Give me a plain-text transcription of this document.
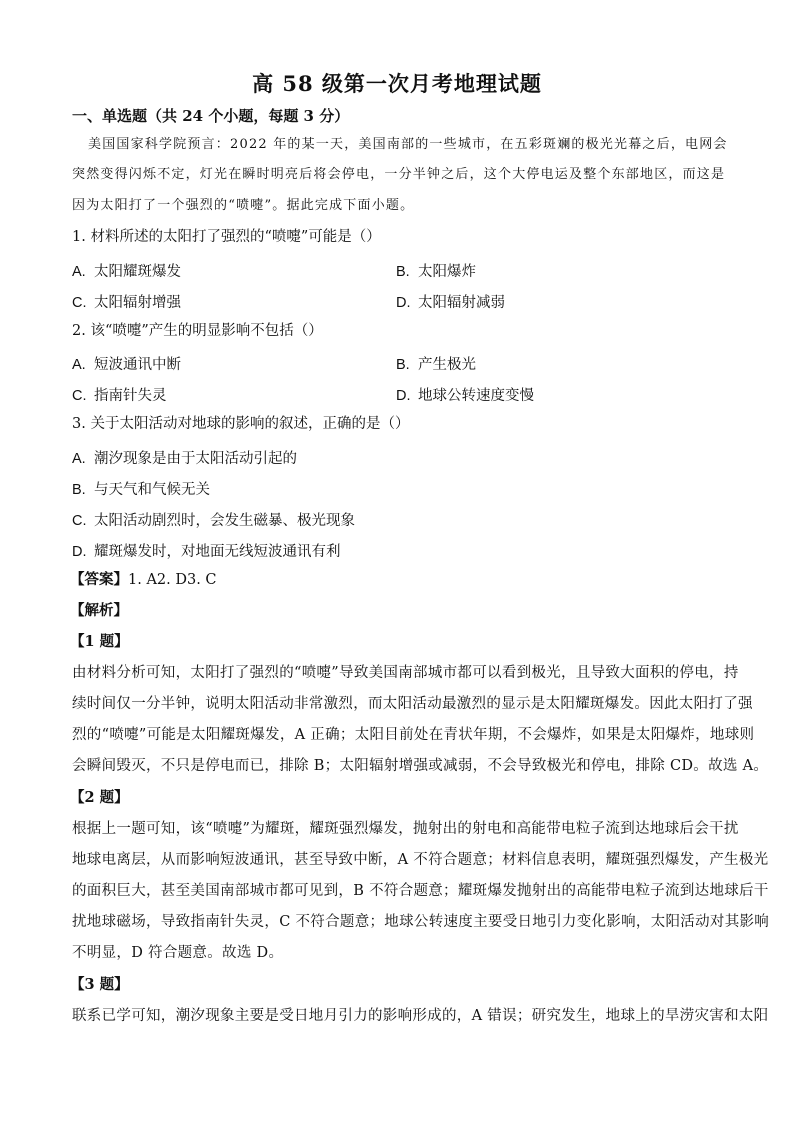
高 58 级第一次月考地理试题
一、单选题（共 24 个小题，每题 3 分）
美国国家科学院预言：2022 年的某一天，美国南部的一些城市，在五彩斑斓的极光光幕之后，电网会
突然变得闪烁不定，灯光在瞬时明亮后将会停电，一分半钟之后，这个大停电运及整个东部地区，而这是
因为太阳打了一个强烈的“喷嚏”。据此完成下面小题。
1. 材料所述的太阳打了强烈的“喷嚏”可能是（）
A. 太阳耀斑爆发	B. 太阳爆炸
C. 太阳辐射增强	D. 太阳辐射减弱
2. 该“喷嚏”产生的明显影响不包括（）
A. 短波通讯中断	B. 产生极光
C. 指南针失灵	D. 地球公转速度变慢
3. 关于太阳活动对地球的影响的叙述，正确的是（）
A. 潮汐现象是由于太阳活动引起的
B. 与天气和气候无关
C. 太阳活动剧烈时，会发生磁暴、极光现象
D. 耀斑爆发时，对地面无线短波通讯有利
【答案】1. A2. D3. C
【解析】
【1 题】
由材料分析可知，太阳打了强烈的“喷嚏”导致美国南部城市都可以看到极光，且导致大面积的停电，持
续时间仅一分半钟，说明太阳活动非常激烈，而太阳活动最激烈的显示是太阳耀斑爆发。因此太阳打了强
烈的“喷嚏”可能是太阳耀斑爆发，A 正确；太阳目前处在青状年期，不会爆炸，如果是太阳爆炸，地球则
会瞬间毁灭，不只是停电而已，排除 B；太阳辐射增强或减弱，不会导致极光和停电，排除 CD。故选 A。
【2 题】
根据上一题可知，该“喷嚏”为耀斑，耀斑强烈爆发，抛射出的射电和高能带电粒子流到达地球后会干扰
地球电离层，从而影响短波通讯，甚至导致中断，A 不符合题意；材料信息表明，耀斑强烈爆发，产生极光
的面积巨大，甚至美国南部城市都可见到，B 不符合题意；耀斑爆发抛射出的高能带电粒子流到达地球后干
扰地球磁场，导致指南针失灵，C 不符合题意；地球公转速度主要受日地引力变化影响，太阳活动对其影响
不明显，D 符合题意。故选 D。
【3 题】
联系已学可知，潮汐现象主要是受日地月引力的影响形成的，A 错误；研究发生，地球上的旱涝灾害和太阳
